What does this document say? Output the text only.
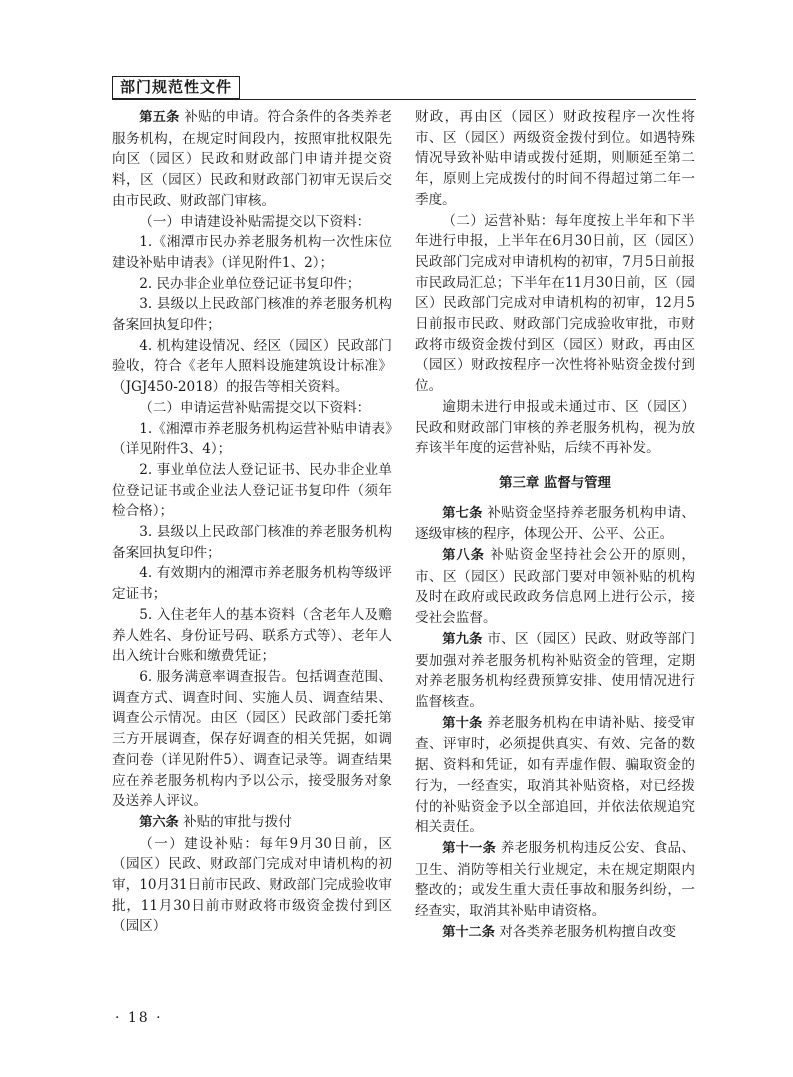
部门规范性文件

第五条 补贴的申请。符合条件的各类养老服务机构，在规定时间段内，按照审批权限先向区（园区）民政和财政部门申请并提交资料，区（园区）民政和财政部门初审无误后交由市民政、财政部门审核。

（一）申请建设补贴需提交以下资料：

1.《湘潭市民办养老服务机构一次性床位建设补贴申请表》（详见附件1、2）；

2. 民办非企业单位登记证书复印件；

3. 县级以上民政部门核准的养老服务机构备案回执复印件；

4. 机构建设情况、经区（园区）民政部门验收，符合《老年人照料设施建筑设计标准》（JGJ450-2018）的报告等相关资料。

（二）申请运营补贴需提交以下资料：

1.《湘潭市养老服务机构运营补贴申请表》（详见附件3、4）；

2. 事业单位法人登记证书、民办非企业单位登记证书或企业法人登记证书复印件（须年检合格）；

3. 县级以上民政部门核准的养老服务机构备案回执复印件；

4. 有效期内的湘潭市养老服务机构等级评定证书；

5. 入住老年人的基本资料（含老年人及赡养人姓名、身份证号码、联系方式等）、老年人出入统计台账和缴费凭证；

6. 服务满意率调查报告。包括调查范围、调查方式、调查时间、实施人员、调查结果、调查公示情况。由区（园区）民政部门委托第三方开展调查，保存好调查的相关凭据，如调查问卷（详见附件5）、调查记录等。调查结果应在养老服务机构内予以公示，接受服务对象及送养人评议。

第六条 补贴的审批与拨付

（一）建设补贴：每年9月30日前，区（园区）民政、财政部门完成对申请机构的初审，10月31日前市民政、财政部门完成验收审批，11月30日前市财政将市级资金拨付到区（园区）

财政，再由区（园区）财政按程序一次性将市、区（园区）两级资金拨付到位。如遇特殊情况导致补贴申请或拨付延期，则顺延至第二年，原则上完成拨付的时间不得超过第二年一季度。

（二）运营补贴：每年度按上半年和下半年进行申报，上半年在6月30日前，区（园区）民政部门完成对申请机构的初审，7月5日前报市民政局汇总；下半年在11月30日前，区（园区）民政部门完成对申请机构的初审，12月5日前报市民政、财政部门完成验收审批，市财政将市级资金拨付到区（园区）财政，再由区（园区）财政按程序一次性将补贴资金拨付到位。

逾期未进行申报或未通过市、区（园区）民政和财政部门审核的养老服务机构，视为放弃该半年度的运营补贴，后续不再补发。

第三章 监督与管理

第七条 补贴资金坚持养老服务机构申请、逐级审核的程序，体现公开、公平、公正。

第八条 补贴资金坚持社会公开的原则，市、区（园区）民政部门要对申领补贴的机构及时在政府或民政政务信息网上进行公示，接受社会监督。

第九条 市、区（园区）民政、财政等部门要加强对养老服务机构补贴资金的管理，定期对养老服务机构经费预算安排、使用情况进行监督核查。

第十条 养老服务机构在申请补贴、接受审查、评审时，必须提供真实、有效、完备的数据、资料和凭证，如有弄虚作假、骗取资金的行为，一经查实，取消其补贴资格，对已经拨付的补贴资金予以全部追回，并依法依规追究相关责任。

第十一条 养老服务机构违反公安、食品、卫生、消防等相关行业规定，未在规定期限内整改的；或发生重大责任事故和服务纠纷，一经查实，取消其补贴申请资格。

第十二条 对各类养老服务机构擅自改变

· 18 ·
